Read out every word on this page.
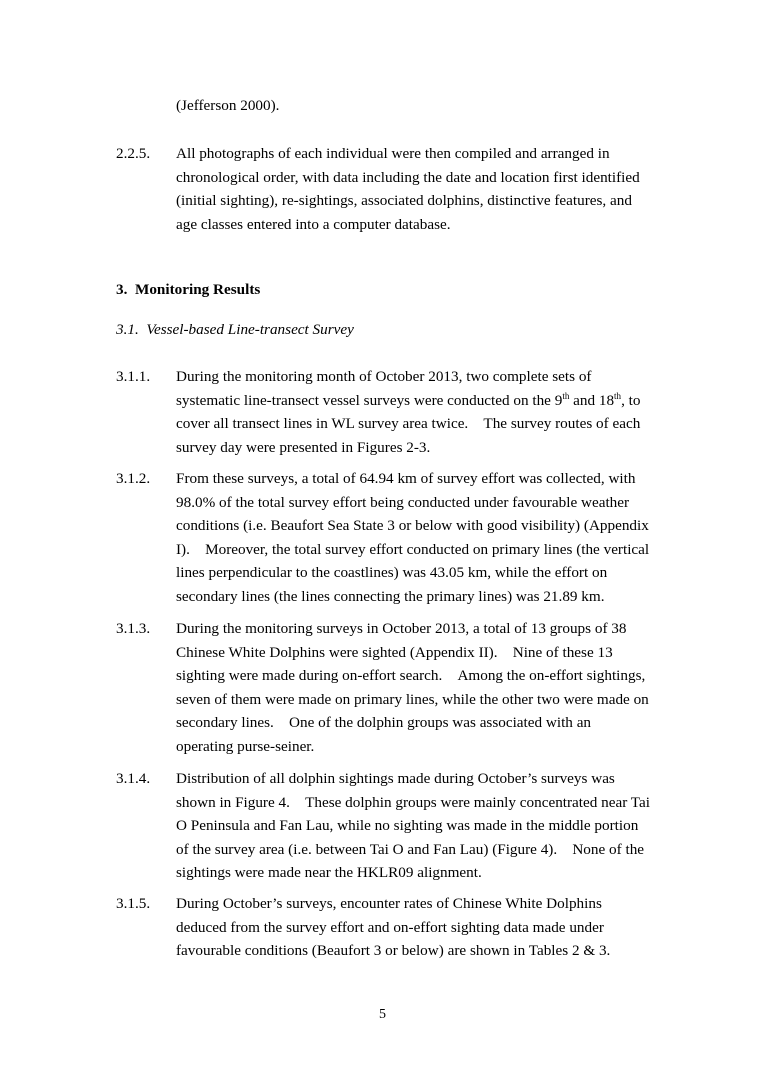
(Jefferson 2000).
2.2.5. All photographs of each individual were then compiled and arranged in
chronological order, with data including the date and location first identified
(initial sighting), re-sightings, associated dolphins, distinctive features, and
age classes entered into a computer database.
3.  Monitoring Results
3.1.  Vessel-based Line-transect Survey
3.1.1. During the monitoring month of October 2013, two complete sets of
systematic line-transect vessel surveys were conducted on the 9th and 18th, to
cover all transect lines in WL survey area twice.    The survey routes of each
survey day were presented in Figures 2-3.
3.1.2. From these surveys, a total of 64.94 km of survey effort was collected, with
98.0% of the total survey effort being conducted under favourable weather
conditions (i.e. Beaufort Sea State 3 or below with good visibility) (Appendix
I).    Moreover, the total survey effort conducted on primary lines (the vertical
lines perpendicular to the coastlines) was 43.05 km, while the effort on
secondary lines (the lines connecting the primary lines) was 21.89 km.
3.1.3. During the monitoring surveys in October 2013, a total of 13 groups of 38
Chinese White Dolphins were sighted (Appendix II).    Nine of these 13
sighting were made during on-effort search.    Among the on-effort sightings,
seven of them were made on primary lines, while the other two were made on
secondary lines.    One of the dolphin groups was associated with an
operating purse-seiner.
3.1.4. Distribution of all dolphin sightings made during October’s surveys was
shown in Figure 4.    These dolphin groups were mainly concentrated near Tai
O Peninsula and Fan Lau, while no sighting was made in the middle portion
of the survey area (i.e. between Tai O and Fan Lau) (Figure 4).    None of the
sightings were made near the HKLR09 alignment.
3.1.5. During October’s surveys, encounter rates of Chinese White Dolphins
deduced from the survey effort and on-effort sighting data made under
favourable conditions (Beaufort 3 or below) are shown in Tables 2 & 3.
5
